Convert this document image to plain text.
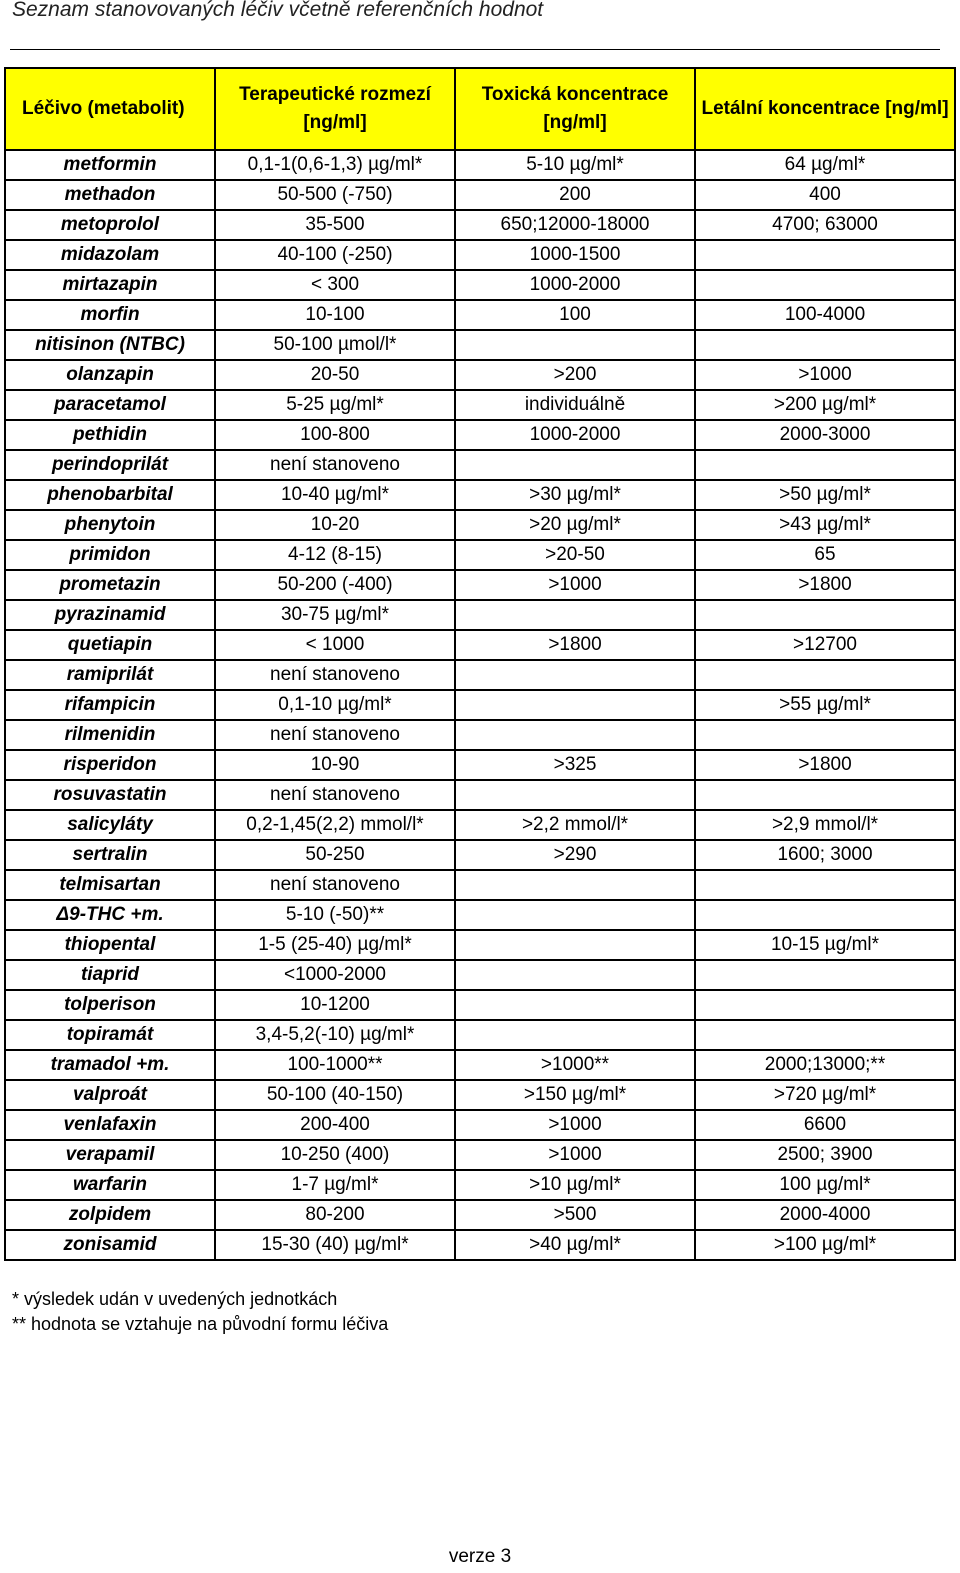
Seznam stanovovaných léčiv včetně referenčních hodnot
Léčivo (metabolit)	Terapeutické rozmezí [ng/ml]	Toxická koncentrace [ng/ml]	Letální koncentrace [ng/ml]
metformin	0,1-1(0,6-1,3) µg/ml*	5-10 µg/ml*	64 µg/ml*
methadon	50-500 (-750)	200	400
metoprolol	35-500	650;12000-18000	4700; 63000
midazolam	40-100 (-250)	1000-1500	
mirtazapin	< 300	1000-2000	
morfin	10-100	100	100-4000
nitisinon (NTBC)	50-100 µmol/l*		
olanzapin	20-50	>200	>1000
paracetamol	5-25 µg/ml*	individuálně	>200 µg/ml*
pethidin	100-800	1000-2000	2000-3000
perindoprilát	není stanoveno		
phenobarbital	10-40 µg/ml*	>30 µg/ml*	>50 µg/ml*
phenytoin	10-20	>20 µg/ml*	>43 µg/ml*
primidon	4-12 (8-15)	>20-50	65
prometazin	50-200 (-400)	>1000	>1800
pyrazinamid	30-75 µg/ml*		
quetiapin	< 1000	>1800	>12700
ramiprilát	není stanoveno		
rifampicin	0,1-10 µg/ml*		>55 µg/ml*
rilmenidin	není stanoveno		
risperidon	10-90	>325	>1800
rosuvastatin	není stanoveno		
salicyláty	0,2-1,45(2,2) mmol/l*	>2,2 mmol/l*	>2,9 mmol/l*
sertralin	50-250	>290	1600; 3000
telmisartan	není stanoveno		
Δ9-THC +m.	5-10 (-50)**		
thiopental	1-5 (25-40) µg/ml*		10-15 µg/ml*
tiaprid	<1000-2000		
tolperison	10-1200		
topiramát	3,4-5,2(-10) µg/ml*		
tramadol +m.	100-1000**	>1000**	2000;13000;**
valproát	50-100 (40-150)	>150 µg/ml*	>720 µg/ml*
venlafaxin	200-400	>1000	6600
verapamil	10-250 (400)	>1000	2500; 3900
warfarin	1-7 µg/ml*	>10 µg/ml*	100 µg/ml*
zolpidem	80-200	>500	2000-4000
zonisamid	15-30 (40) µg/ml*	>40 µg/ml*	>100 µg/ml*
* výsledek udán v uvedených jednotkách
** hodnota se vztahuje na původní formu léčiva
verze 3
